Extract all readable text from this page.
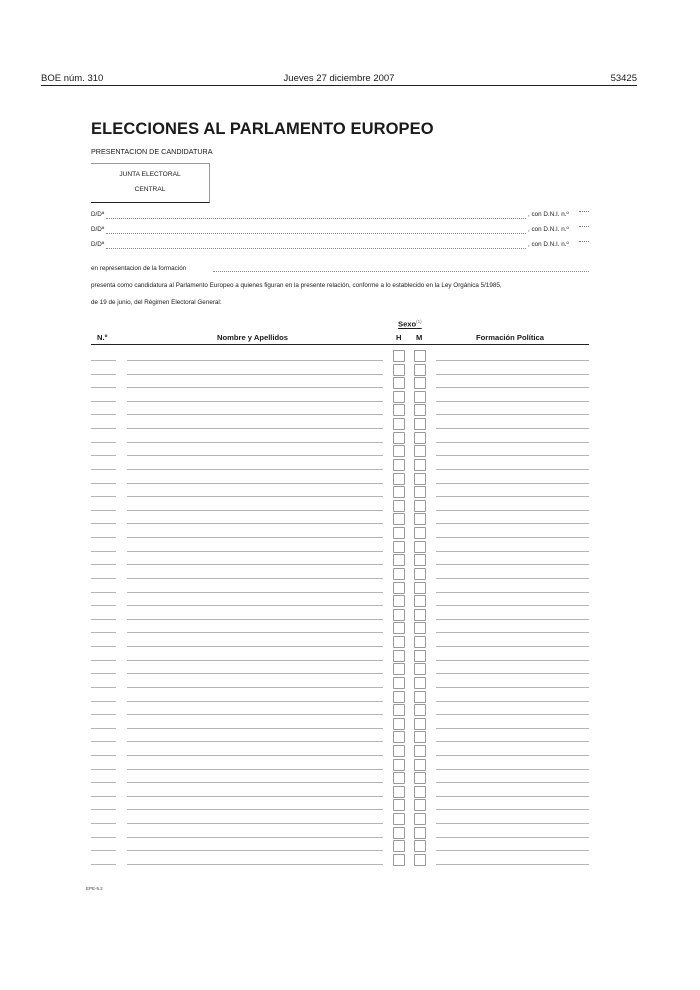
BOE núm. 310	Jueves 27 diciembre 2007	53425
ELECCIONES AL PARLAMENTO EUROPEO
PRESENTACION DE CANDIDATURA
JUNTA ELECTORAL
CENTRAL
D/Dª	, con D.N.I. n.º
D/Dª	, con D.N.I. n.º
D/Dª	, con D.N.I. n.º
en representacion de la formación
presenta como candidatura al Parlamento Europeo a quienes figuran en la presente relación, conforme a lo establecido en la Ley Orgánica 5/1985,
de 19 de junio, del Régimen Electoral General:
Sexo$^{(1)}$
N.º	Nombre y Apellidos	H M	Formación Política
EPE-5.2
